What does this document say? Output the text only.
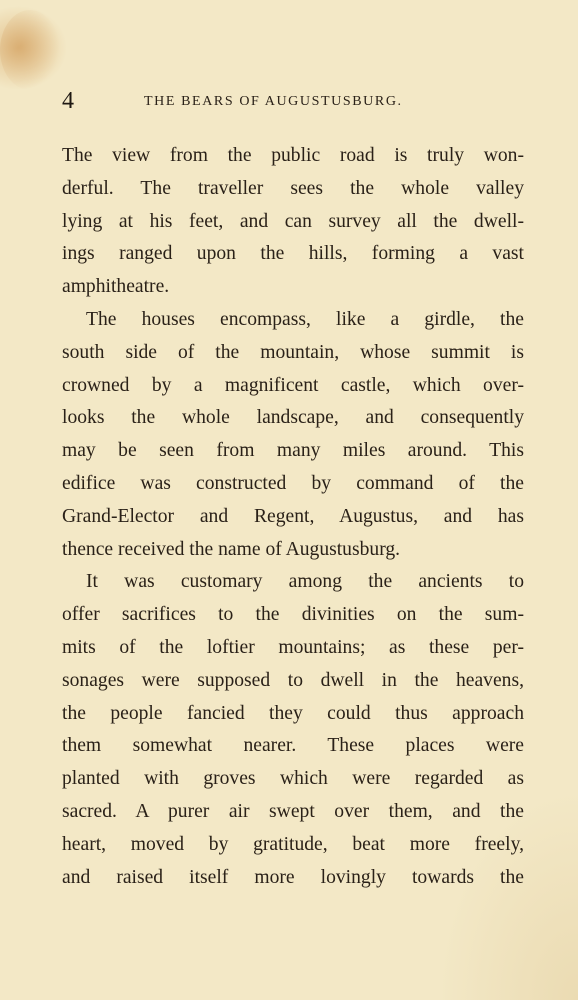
4	THE BEARS OF AUGUSTUSBURG.
The view from the public road is truly won-
derful. The traveller sees the whole valley
lying at his feet, and can survey all the dwell-
ings ranged upon the hills, forming a vast
amphitheatre.
The houses encompass, like a girdle, the
south side of the mountain, whose summit is
crowned by a magnificent castle, which over-
looks the whole landscape, and consequently
may be seen from many miles around. This
edifice was constructed by command of the
Grand-Elector and Regent, Augustus, and has
thence received the name of Augustusburg.
It was customary among the ancients to
offer sacrifices to the divinities on the sum-
mits of the loftier mountains; as these per-
sonages were supposed to dwell in the heavens,
the people fancied they could thus approach
them somewhat nearer. These places were
planted with groves which were regarded as
sacred. A purer air swept over them, and the
heart, moved by gratitude, beat more freely,
and raised itself more lovingly towards the
